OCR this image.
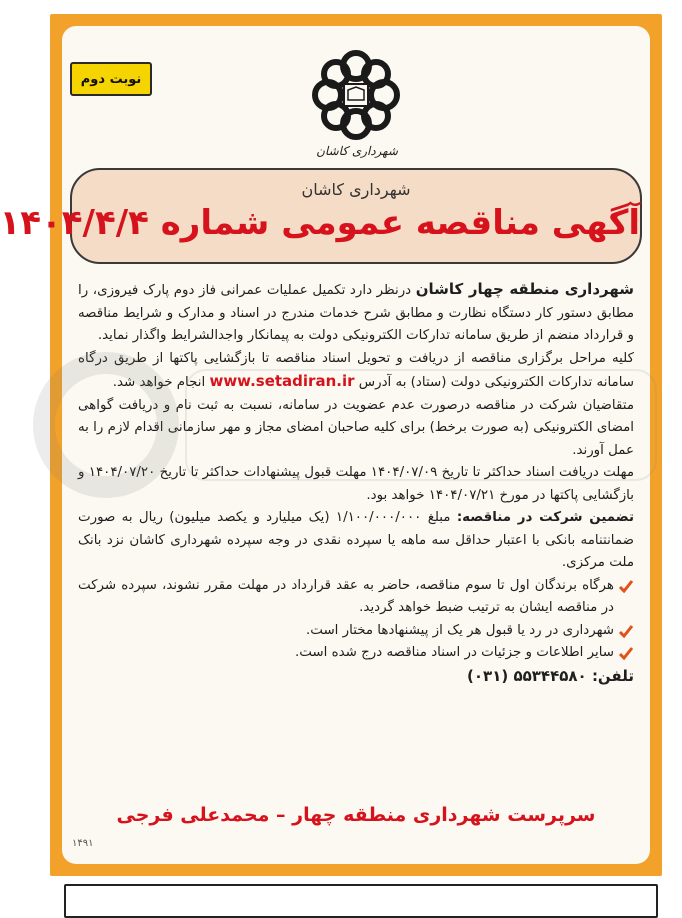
نوبت دوم
شهرداری کاشان
شهرداری کاشان
آگهی مناقصه عمومی شماره ۱۴۰۴/۴/۴

شهرداری منطقه چهار کاشان درنظر دارد تکمیل عملیات عمرانی فاز دوم پارک فیروزی، را مطابق دستور کار دستگاه نظارت و مطابق شرح خدمات مندرج در اسناد و مدارک و شرایط مناقصه و قرارداد منضم از طریق سامانه تدارکات الکترونیکی دولت به پیمانکار واجدالشرایط واگذار نماید.

کلیه مراحل برگزاری مناقصه از دریافت و تحویل اسناد مناقصه تا بازگشایی پاکتها از طریق درگاه سامانه تدارکات الکترونیکی دولت (ستاد) به آدرس www.setadiran.ir انجام خواهد شد.

متقاضیان شرکت در مناقصه درصورت عدم عضویت در سامانه، نسبت به ثبت نام و دریافت گواهی امضای الکترونیکی (به صورت برخط) برای کلیه صاحبان امضای مجاز و مهر سازمانی اقدام لازم را به عمل آورند.

مهلت دریافت اسناد حداکثر تا تاریخ ۱۴۰۴/۰۷/۰۹ مهلت قبول پیشنهادات حداکثر تا تاریخ ۱۴۰۴/۰۷/۲۰ و بازگشایی پاکتها در مورخ ۱۴۰۴/۰۷/۲۱ خواهد بود.

تضمین شرکت در مناقصه: مبلغ ۱/۱۰۰/۰۰۰/۰۰۰ (یک میلیارد و یکصد میلیون) ریال به صورت ضمانتنامه بانکی با اعتبار حداقل سه ماهه یا سپرده نقدی در وجه سپرده شهرداری کاشان نزد بانک ملت مرکزی.

هرگاه برندگان اول تا سوم مناقصه، حاضر به عقد قرارداد در مهلت مقرر نشوند، سپرده شرکت در مناقصه ایشان به ترتیب ضبط خواهد گردید.
شهرداری در رد یا قبول هر یک از پیشنهادها مختار است.
سایر اطلاعات و جزئیات در اسناد مناقصه درج شده است.

تلفن: (۰۳۱) ۵۵۳۴۴۵۸۰

سرپرست شهرداری منطقه چهار – محمدعلی فرجی
۱۴۹۱
